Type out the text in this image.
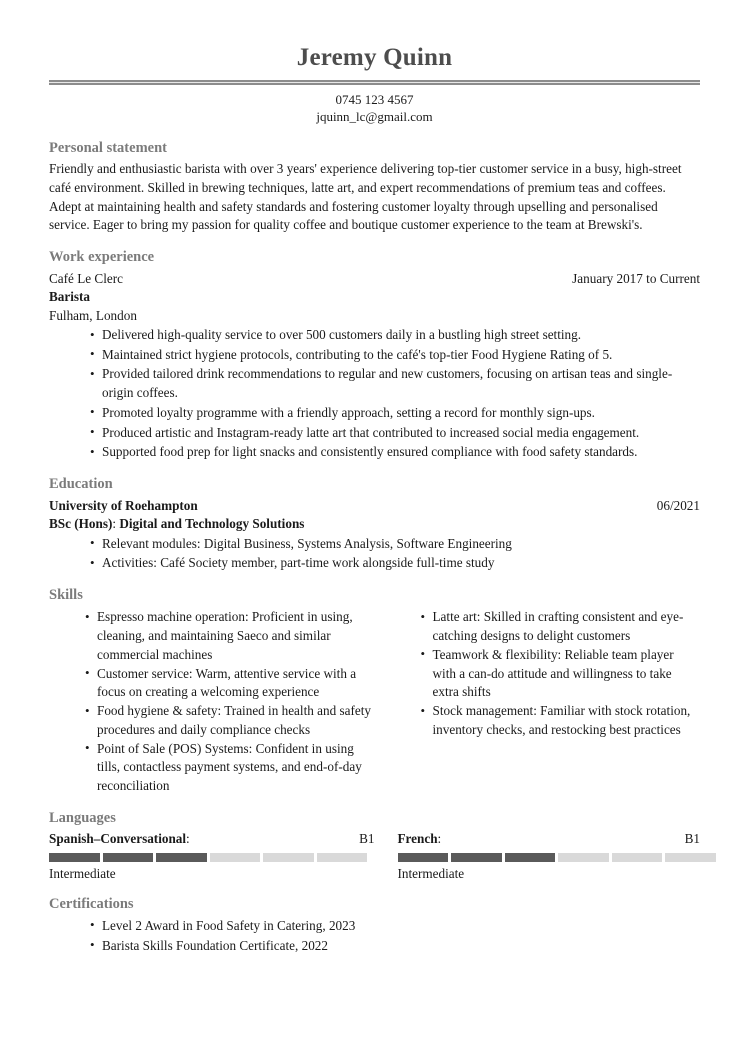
Jeremy Quinn
0745 123 4567
jquinn_lc@gmail.com
Personal statement

Friendly and enthusiastic barista with over 3 years' experience delivering top-tier customer service in a busy, high-street café environment. Skilled in brewing techniques, latte art, and expert recommendations of premium teas and coffees. Adept at maintaining health and safety standards and fostering customer loyalty through upselling and personalised service. Eager to bring my passion for quality coffee and boutique customer experience to the team at Brewski's.

Work experience
Café Le Clerc	January 2017 to Current
Barista
Fulham, London
• Delivered high-quality service to over 500 customers daily in a bustling high street setting.
• Maintained strict hygiene protocols, contributing to the café's top-tier Food Hygiene Rating of 5.
• Provided tailored drink recommendations to regular and new customers, focusing on artisan teas and single-origin coffees.
• Promoted loyalty programme with a friendly approach, setting a record for monthly sign-ups.
• Produced artistic and Instagram-ready latte art that contributed to increased social media engagement.
• Supported food prep for light snacks and consistently ensured compliance with food safety standards.
Education
University of Roehampton	06/2021
BSc (Hons): Digital and Technology Solutions
• Relevant modules: Digital Business, Systems Analysis, Software Engineering
• Activities: Café Society member, part-time work alongside full-time study
Skills
• Espresso machine operation: Proficient in using, cleaning, and maintaining Saeco and similar commercial machines
• Customer service: Warm, attentive service with a focus on creating a welcoming experience
• Food hygiene & safety: Trained in health and safety procedures and daily compliance checks
• Point of Sale (POS) Systems: Confident in using tills, contactless payment systems, and end-of-day reconciliation
• Latte art: Skilled in crafting consistent and eye-catching designs to delight customers
• Teamwork & flexibility: Reliable team player with a can-do attitude and willingness to take extra shifts
• Stock management: Familiar with stock rotation, inventory checks, and restocking best practices
Languages
Spanish–Conversational:	B1
Intermediate
French:	B1
Intermediate
Certifications
• Level 2 Award in Food Safety in Catering, 2023
• Barista Skills Foundation Certificate, 2022
